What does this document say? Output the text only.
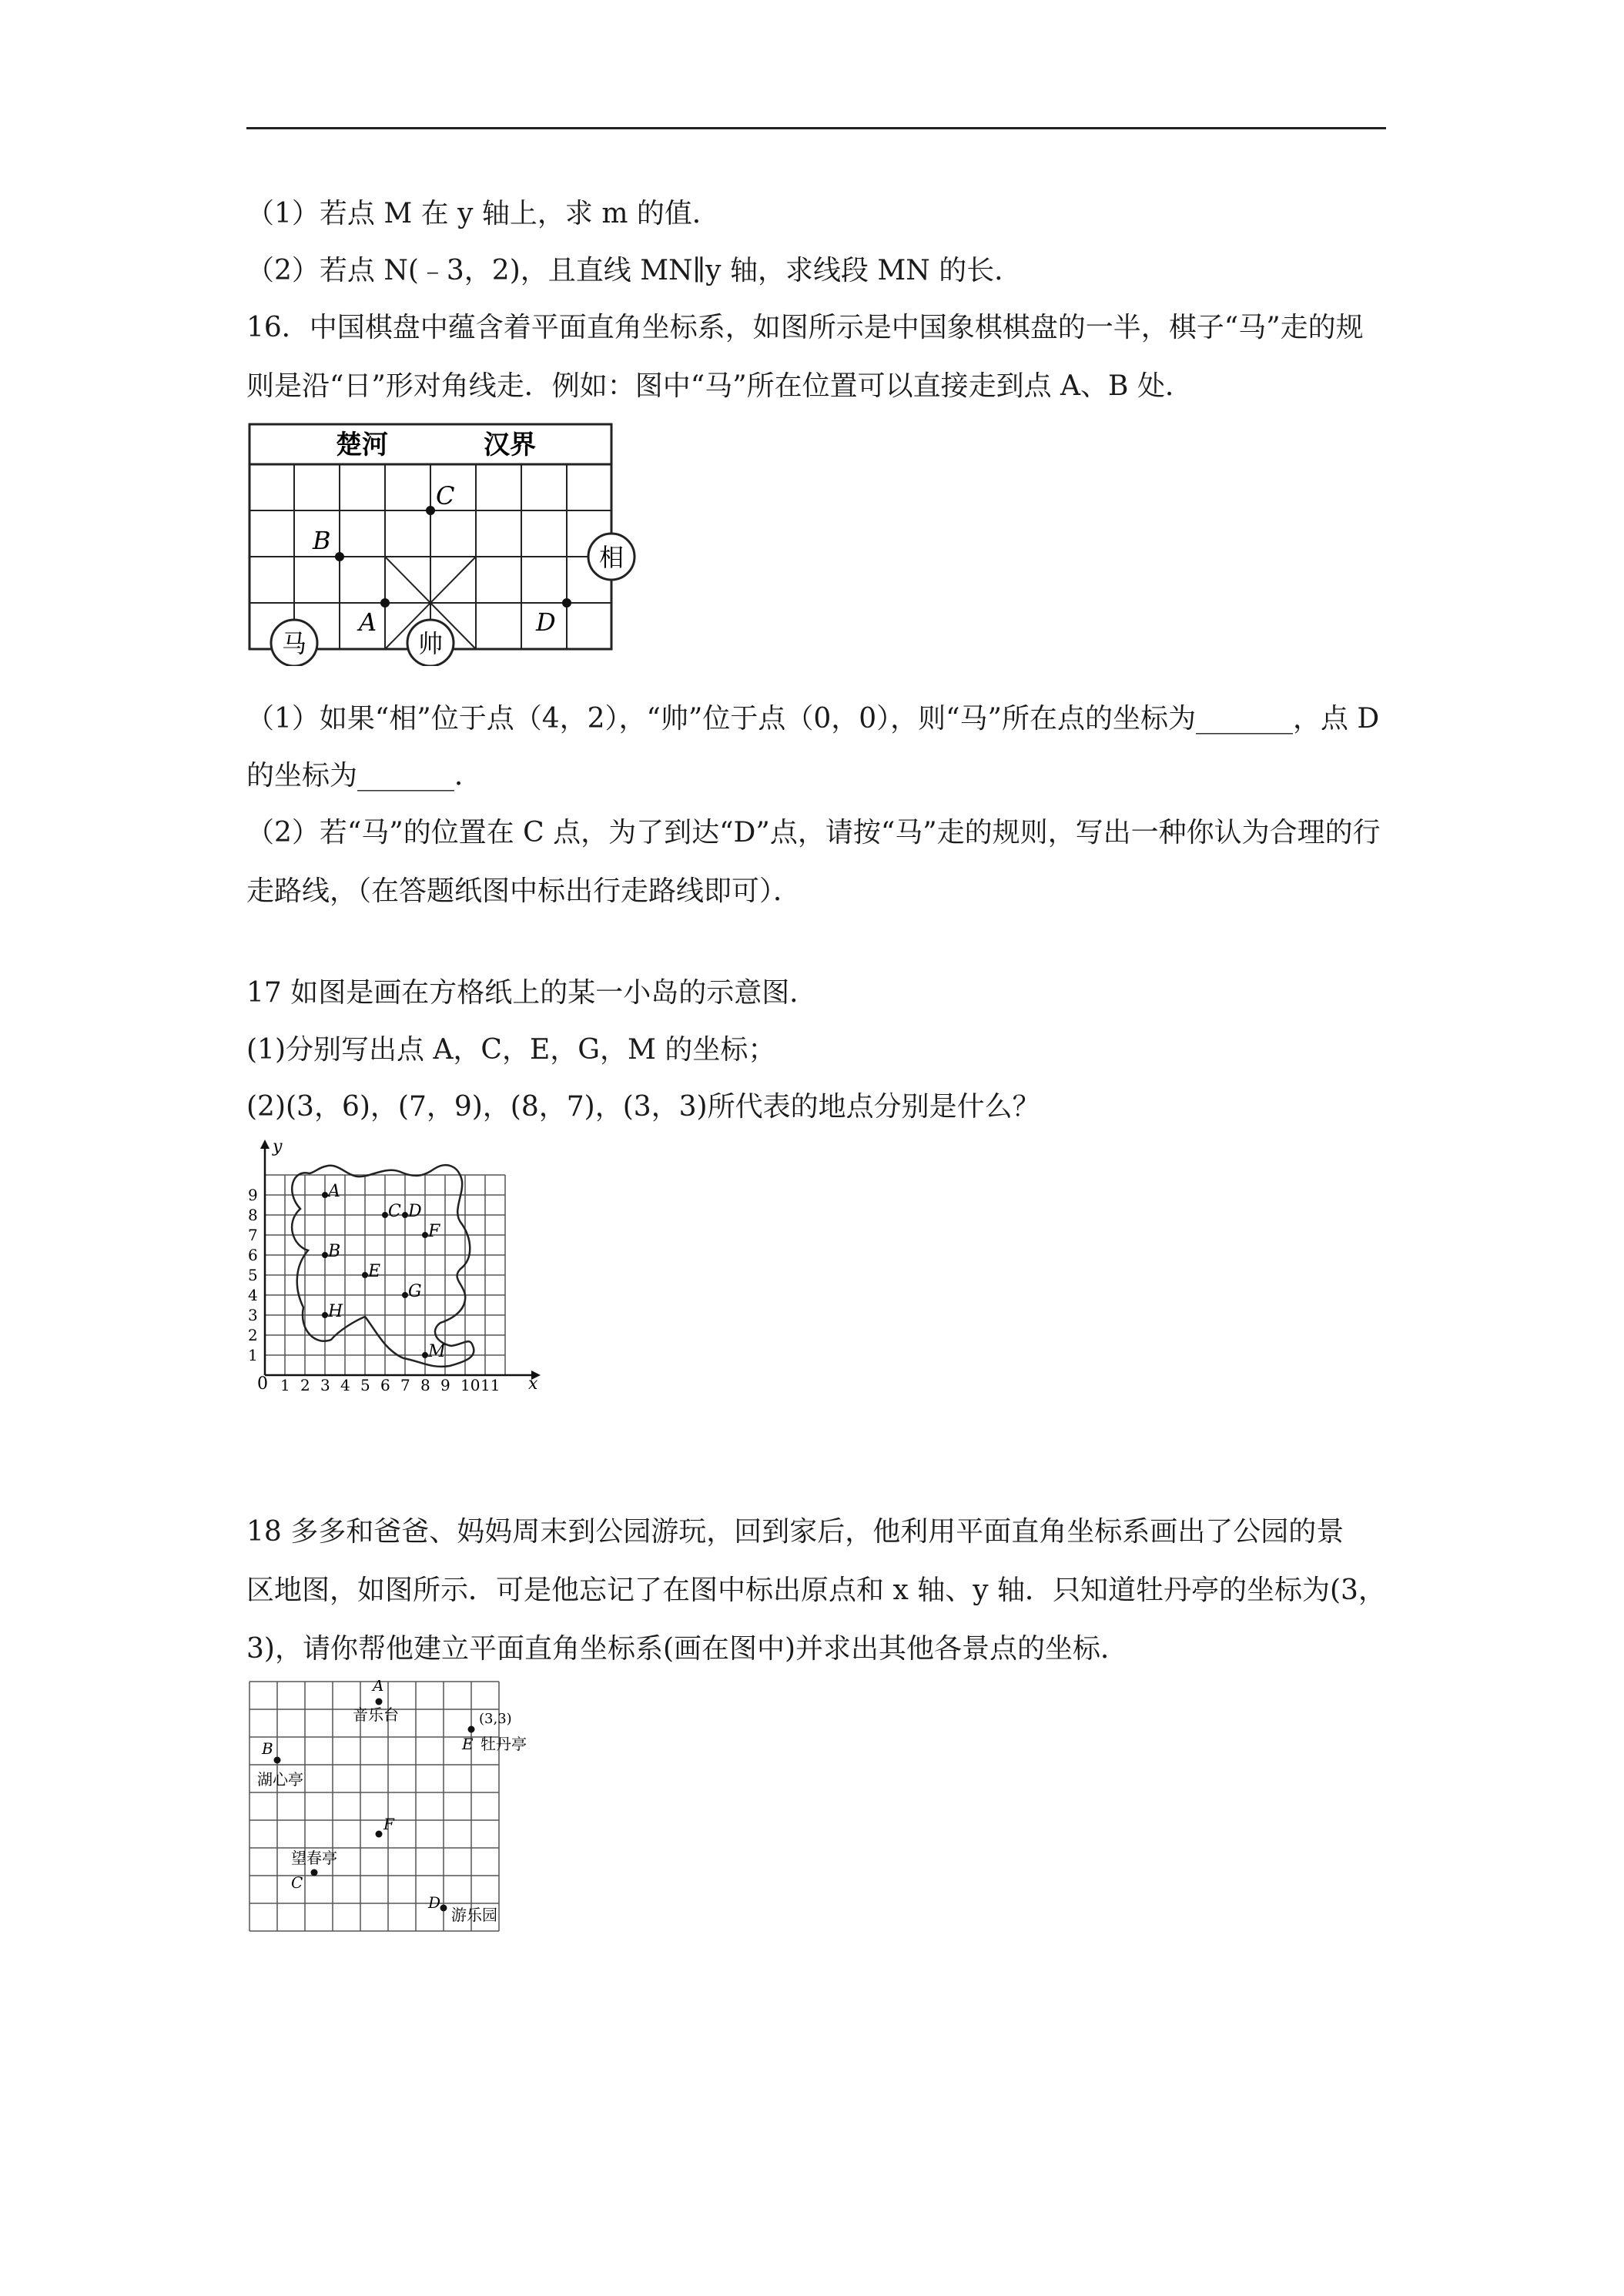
（1）若点 M 在 y 轴上，求 m 的值．
（2）若点 N(﹣3，2)，且直线 MN∥y 轴，求线段 MN 的长．
16．中国棋盘中蕴含着平面直角坐标系，如图所示是中国象棋棋盘的一半，棋子“马”走的规
则是沿“日”形对角线走．例如：图中“马”所在位置可以直接走到点 A、B 处．
楚河	汉界
C
B
A	D
马	帅
相
（1）如果“相”位于点（4，2），“帅”位于点（0，0），则“马”所在点的坐标为_______，点 D
的坐标为_______．
（2）若“马”的位置在 C 点，为了到达“D”点，请按“马”走的规则，写出一种你认为合理的行
走路线，（在答题纸图中标出行走路线即可）．
17 如图是画在方格纸上的某一小岛的示意图．
(1)分别写出点 A，C，E，G，M 的坐标；
(2)(3，6)，(7，9)，(8，7)，(3，3)所代表的地点分别是什么？
y
x
0 1 2 3 4 5 6 7 8 9 10 11
1
2
3
4
5
6
7
8
9	A
C D
F
B
E
G
H
M
18 多多和爸爸、妈妈周末到公园游玩，回到家后，他利用平面直角坐标系画出了公园的景
区地图，如图所示．可是他忘记了在图中标出原点和 x 轴、y 轴．只知道牡丹亭的坐标为(3，
3)，请你帮他建立平面直角坐标系(画在图中)并求出其他各景点的坐标．
A
音乐台
E 牡丹亭
(3,3)
B
湖心亭
F
望春亭
C
D
游乐园
